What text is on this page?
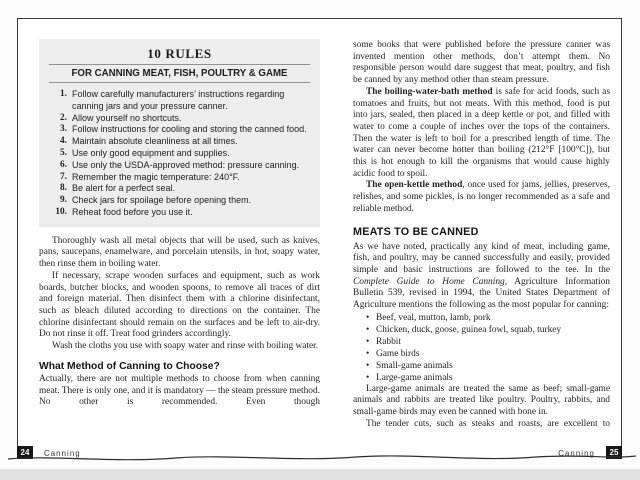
10 RULES
FOR CANNING MEAT, FISH, POULTRY & GAME
1. Follow carefully manufacturers’ instructions regarding canning jars and your pressure canner.
2. Allow yourself no shortcuts.
3. Follow instructions for cooling and storing the canned food.
4. Maintain absolute cleanliness at all times.
5. Use only good equipment and supplies.
6. Use only the USDA-approved method: pressure canning.
7. Remember the magic temperature: 240°F.
8. Be alert for a perfect seal.
9. Check jars for spoilage before opening them.
10. Reheat food before you use it.

Thoroughly wash all metal objects that will be used, such as knives, pans, saucepans, enamelware, and porcelain utensils, in hot, soapy water, then rinse them in boiling water.

If necessary, scrape wooden surfaces and equipment, such as work boards, butcher blocks, and wooden spoons, to remove all traces of dirt and foreign material. Then disinfect them with a chlorine disinfectant, such as bleach diluted according to directions on the container. The chlorine disinfectant should remain on the surfaces and be left to air-dry. Do not rinse it off. Treat food grinders accordingly.

Wash the cloths you use with soapy water and rinse with boiling water.

What Method of Canning to Choose?

Actually, there are not multiple methods to choose from when canning meat. There is only one, and it is mandatory — the steam pressure method. No other is recommended. Even though

some books that were published before the pressure canner was invented mention other methods, don’t attempt them. No responsible person would dare suggest that meat, poultry, and fish be canned by any method other than steam pressure.

The boiling-water-bath method is safe for acid foods, such as tomatoes and fruits, but not meats. With this method, food is put into jars, sealed, then placed in a deep kettle or pot, and filled with water to come a couple of inches over the tops of the containers. Then the water is left to boil for a prescribed length of time. The water can never become hotter than boiling (212°F [100°C]), but this is hot enough to kill the organisms that would cause highly acidic food to spoil.

The open-kettle method, once used for jams, jellies, preserves, relishes, and some pickles, is no longer recommended as a safe and reliable method.

MEATS TO BE CANNED

As we have noted, practically any kind of meat, including game, fish, and poultry, may be canned successfully and easily, provided simple and basic instructions are followed to the tee. In the Complete Guide to Home Canning, Agriculture Information Bulletin 539, revised in 1994, the United States Department of Agriculture mentions the following as the most popular for canning:

• Beef, veal, mutton, lamb, pork
• Chicken, duck, goose, guinea fowl, squab, turkey
• Rabbit
• Game birds
• Small-game animals
• Large-game animals

Large-game animals are treated the same as beef; small-game animals and rabbits are treated like poultry. Poultry, rabbits, and small-game birds may even be canned with bone in.

The tender cuts, such as steaks and roasts, are excellent to

24	Canning	Canning	25
